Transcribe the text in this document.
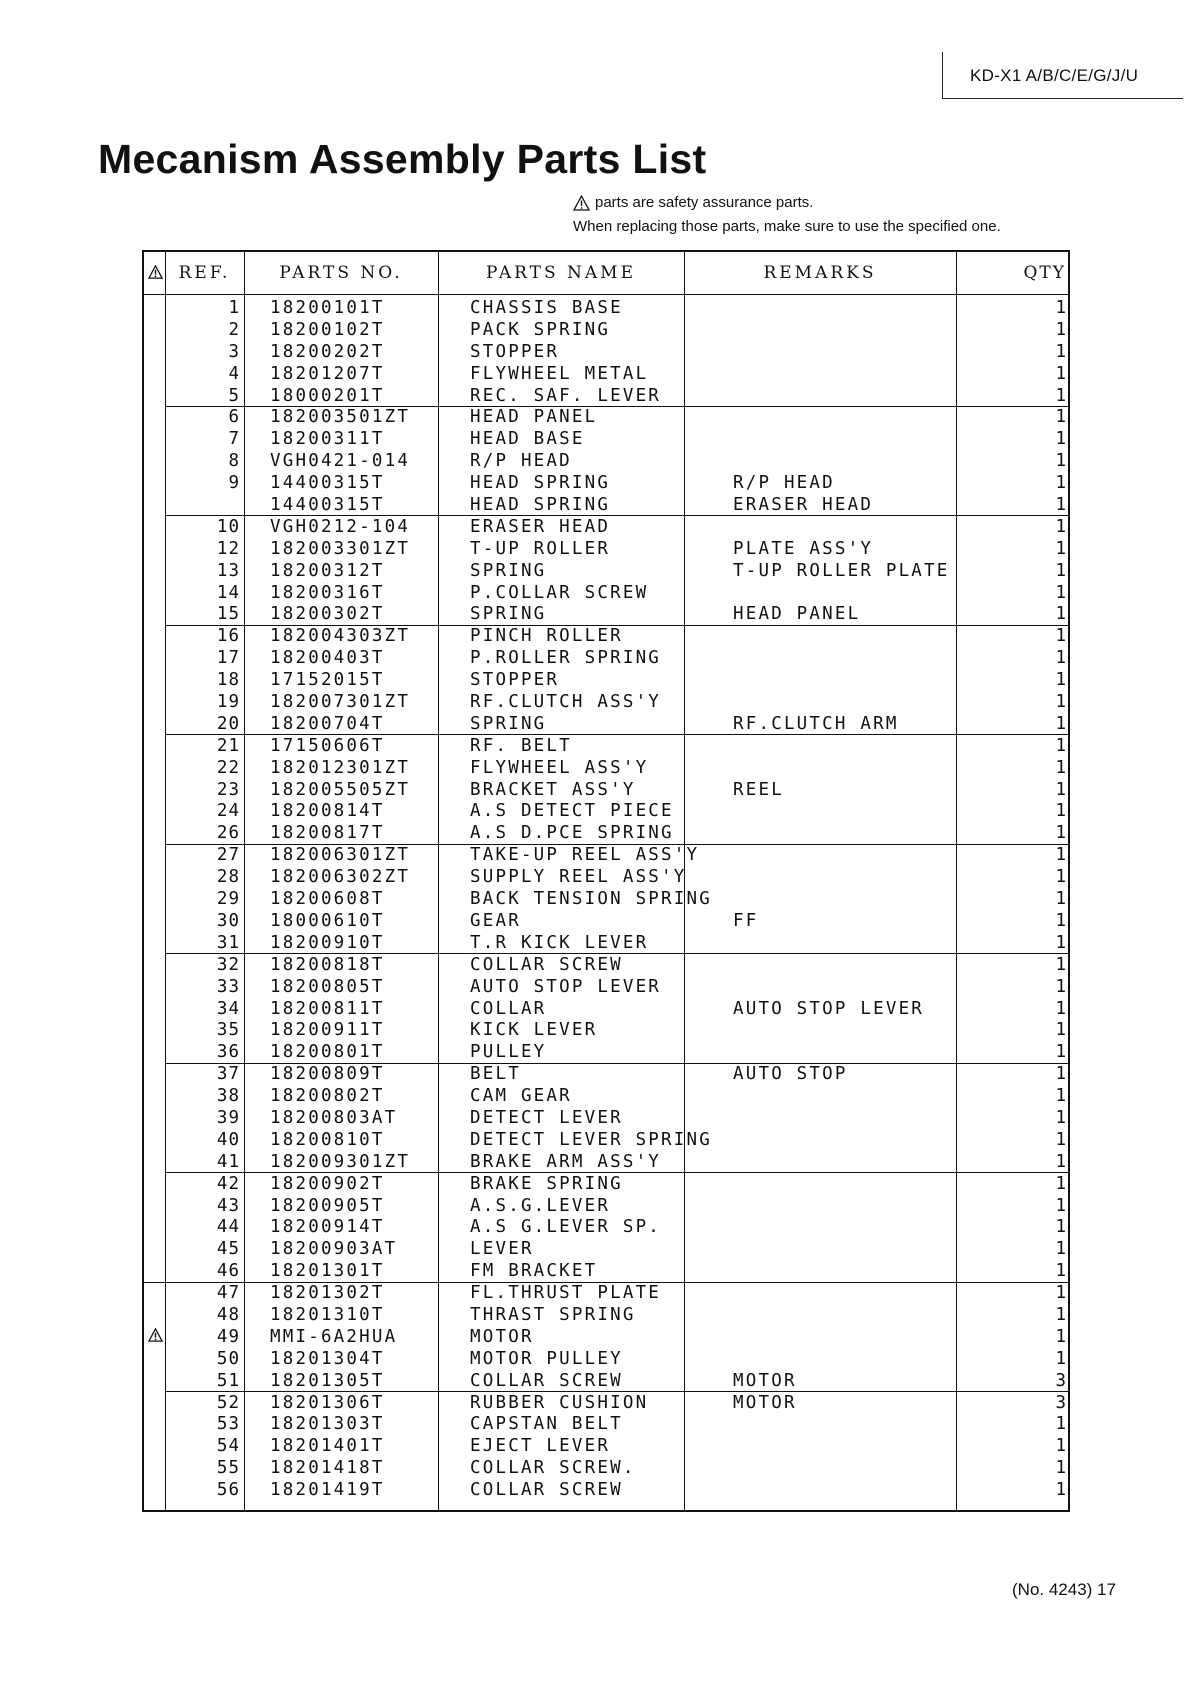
KD-X1 A/B/C/E/G/J/U
Mecanism Assembly Parts List
parts are safety assurance parts.
When replacing those parts, make sure to use the specified one.
REF.	PARTS NO.	PARTS NAME	REMARKS	QTY
1 18200101T	CHASSIS BASE	1
2 18200102T	PACK SPRING	1
3 18200202T	STOPPER	1
4 18201207T	FLYWHEEL METAL	1
5 18000201T	REC. SAF. LEVER	1
6 182003501ZT	HEAD PANEL	1
7 18200311T	HEAD BASE	1
8 VGH0421-014	R/P HEAD	1
9 14400315T	HEAD SPRING	R/P HEAD	1
14400315T	HEAD SPRING	ERASER HEAD	1
10 VGH0212-104	ERASER HEAD	1
12 182003301ZT	T-UP ROLLER	PLATE ASS'Y	1
13 18200312T	SPRING	T-UP ROLLER PLATE	1
14 18200316T	P.COLLAR SCREW	1
15 18200302T	SPRING	HEAD PANEL	1
16 182004303ZT	PINCH ROLLER	1
17 18200403T	P.ROLLER SPRING	1
18 17152015T	STOPPER	1
19 182007301ZT	RF.CLUTCH ASS'Y	1
20 18200704T	SPRING	RF.CLUTCH ARM	1
21 17150606T	RF. BELT	1
22 182012301ZT	FLYWHEEL ASS'Y	1
23 182005505ZT	BRACKET ASS'Y	REEL	1
24 18200814T	A.S DETECT PIECE	1
26 18200817T	A.S D.PCE SPRING	1
27 182006301ZT	TAKE-UP REEL ASS'Y	1
28 182006302ZT	SUPPLY REEL ASS'Y	1
29 18200608T	BACK TENSION SPRING	1
30 18000610T	GEAR	FF	1
31 18200910T	T.R KICK LEVER	1
32 18200818T	COLLAR SCREW	1
33 18200805T	AUTO STOP LEVER	1
34 18200811T	COLLAR	AUTO STOP LEVER	1
35 18200911T	KICK LEVER	1
36 18200801T	PULLEY	1
37 18200809T	BELT	AUTO STOP	1
38 18200802T	CAM GEAR	1
39 18200803AT	DETECT LEVER	1
40 18200810T	DETECT LEVER SPRING	1
41 182009301ZT	BRAKE ARM ASS'Y	1
42 18200902T	BRAKE SPRING	1
43 18200905T	A.S.G.LEVER	1
44 18200914T	A.S G.LEVER SP.	1
45 18200903AT	LEVER	1
46 18201301T	FM BRACKET	1
47 18201302T	FL.THRUST PLATE	1
48 18201310T	THRAST SPRING	1
49 MMI-6A2HUA	MOTOR	1
50 18201304T	MOTOR PULLEY	1
51 18201305T	COLLAR SCREW	MOTOR	3
52 18201306T	RUBBER CUSHION	MOTOR	3
53 18201303T	CAPSTAN BELT	1
54 18201401T	EJECT LEVER	1
55 18201418T	COLLAR SCREW.	1
56 18201419T	COLLAR SCREW	1
(No. 4243) 17
